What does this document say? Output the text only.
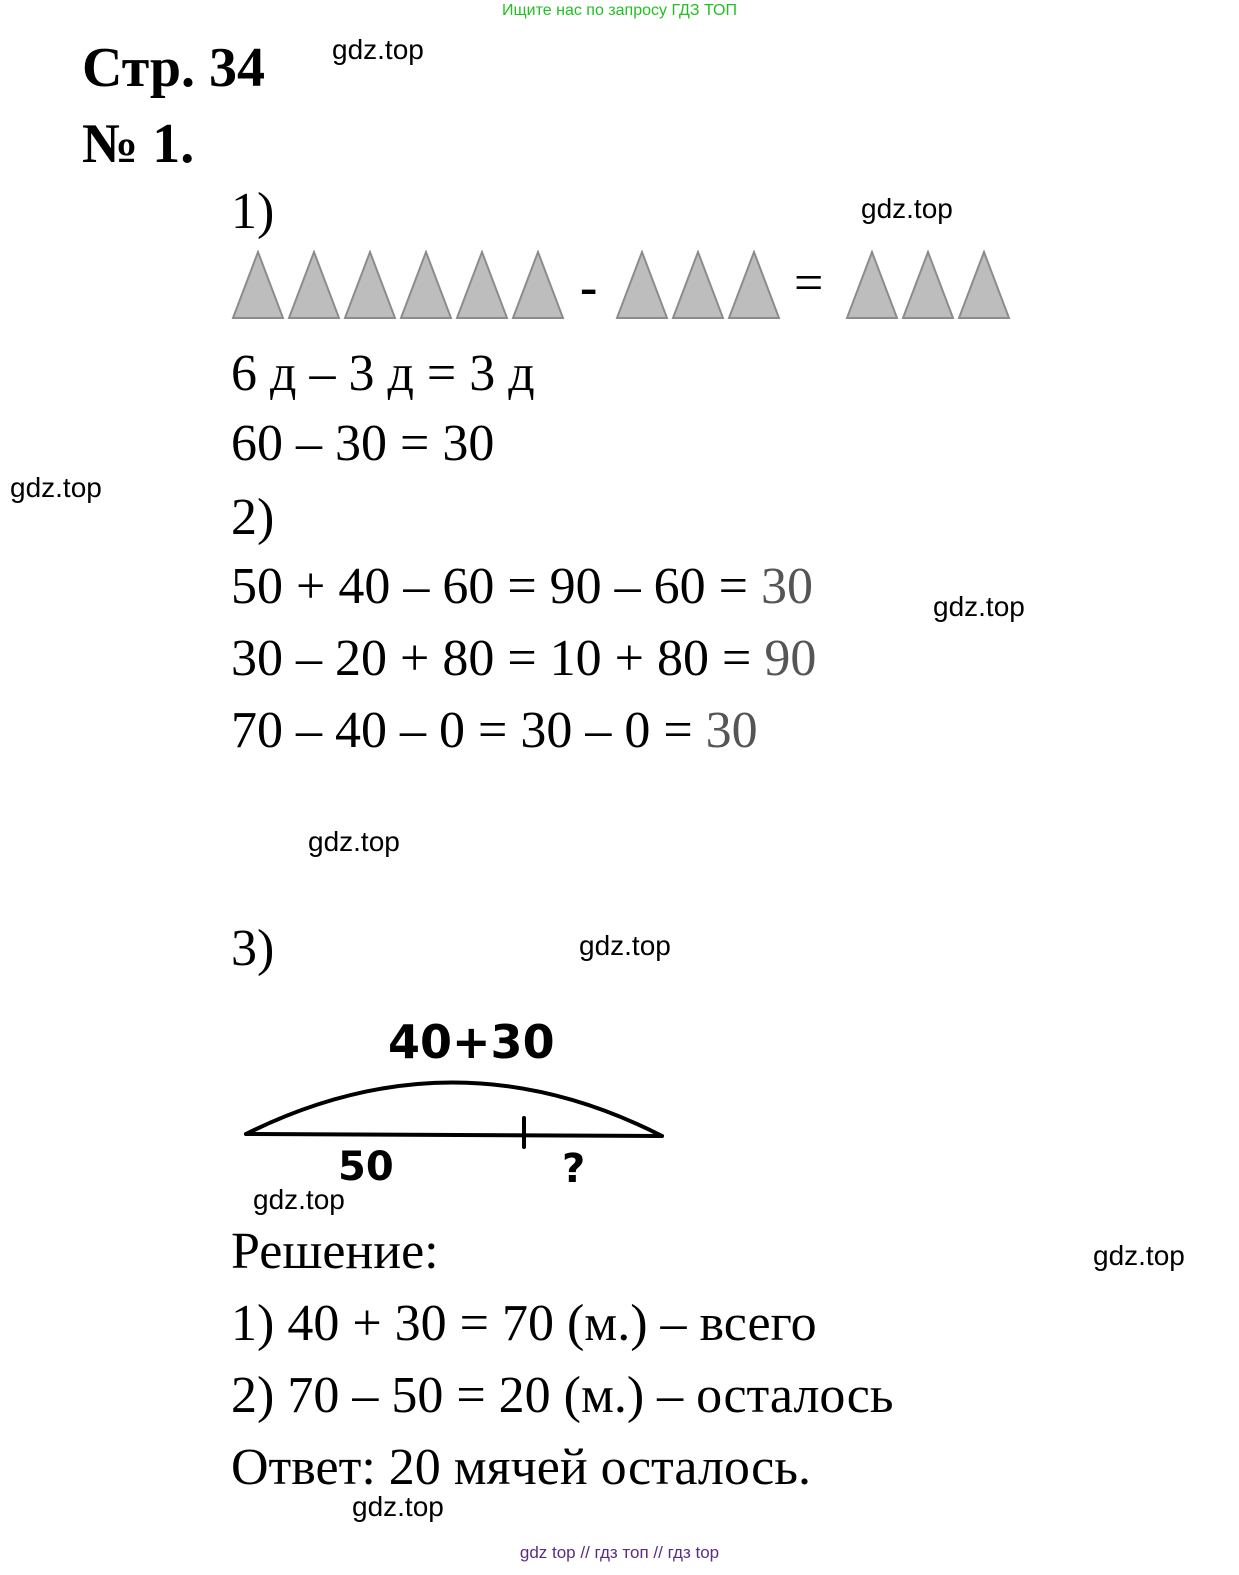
Ищите нас по запросу ГДЗ ТОП
Стр. 34
№ 1.
gdz.top
gdz.top
gdz.top
gdz.top
gdz.top
gdz.top
gdz.top
gdz.top
gdz.top
1)
-	=
6 д – 3 д = 3 д
60 – 30 = 30
2)
50 + 40 – 60 = 90 – 60 = 30
30 – 20 + 80 = 10 + 80 = 90
70 – 40 – 0 = 30 – 0 = 30
3)
40+30
50	?
Решение:
1) 40 + 30 = 70 (м.) – всего
2) 70 – 50 = 20 (м.) – осталось
Ответ: 20 мячей осталось.
gdz top // гдз топ // гдз top
